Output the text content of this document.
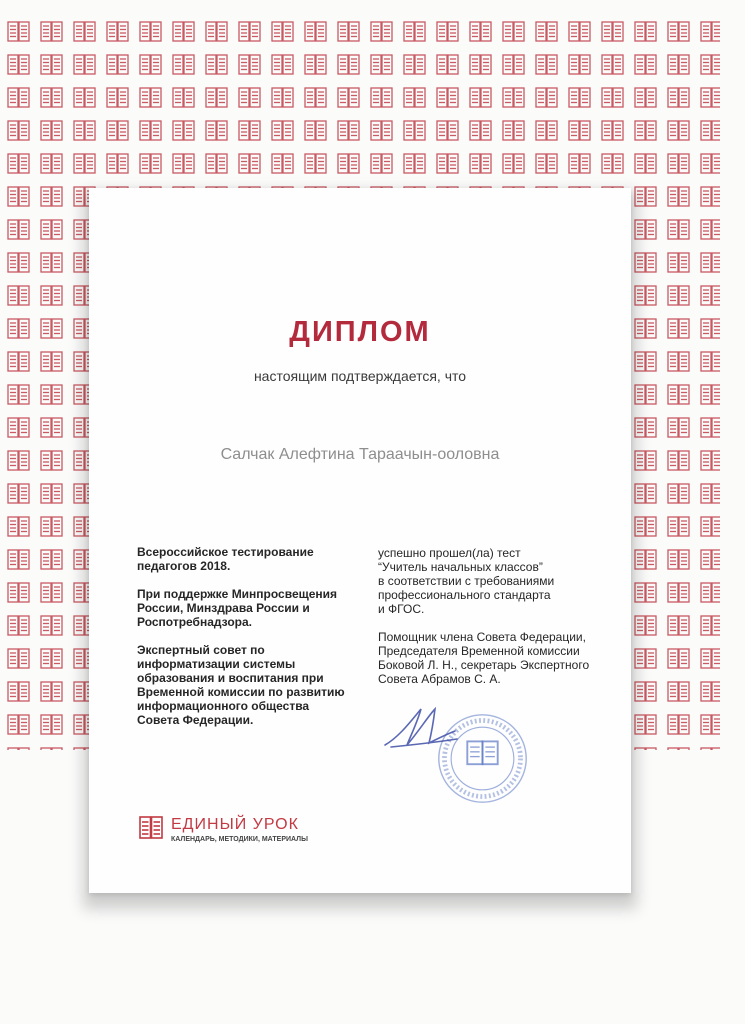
ДИПЛОМ
настоящим подтверждается, что
Салчак Алефтина Тараачын-ооловна
Всероссийское тестирование
педагогов 2018.
При поддержке Минпросвещения
России, Минздрава России и
Роспотребнадзора.
Экспертный совет по
информатизации системы
образования и воспитания при
Временной комиссии по развитию
информационного общества
Совета Федерации.
успешно прошел(ла) тест
“Учитель начальных классов”
в соответствии с требованиями
профессионального стандарта
и ФГОС.
Помощник члена Совета Федерации,
Председателя Временной комиссии
Боковой Л. Н., секретарь Экспертного
Совета Абрамов С. А.
ЕДИНЫЙ УРОК
КАЛЕНДАРЬ, МЕТОДИКИ, МАТЕРИАЛЫ
